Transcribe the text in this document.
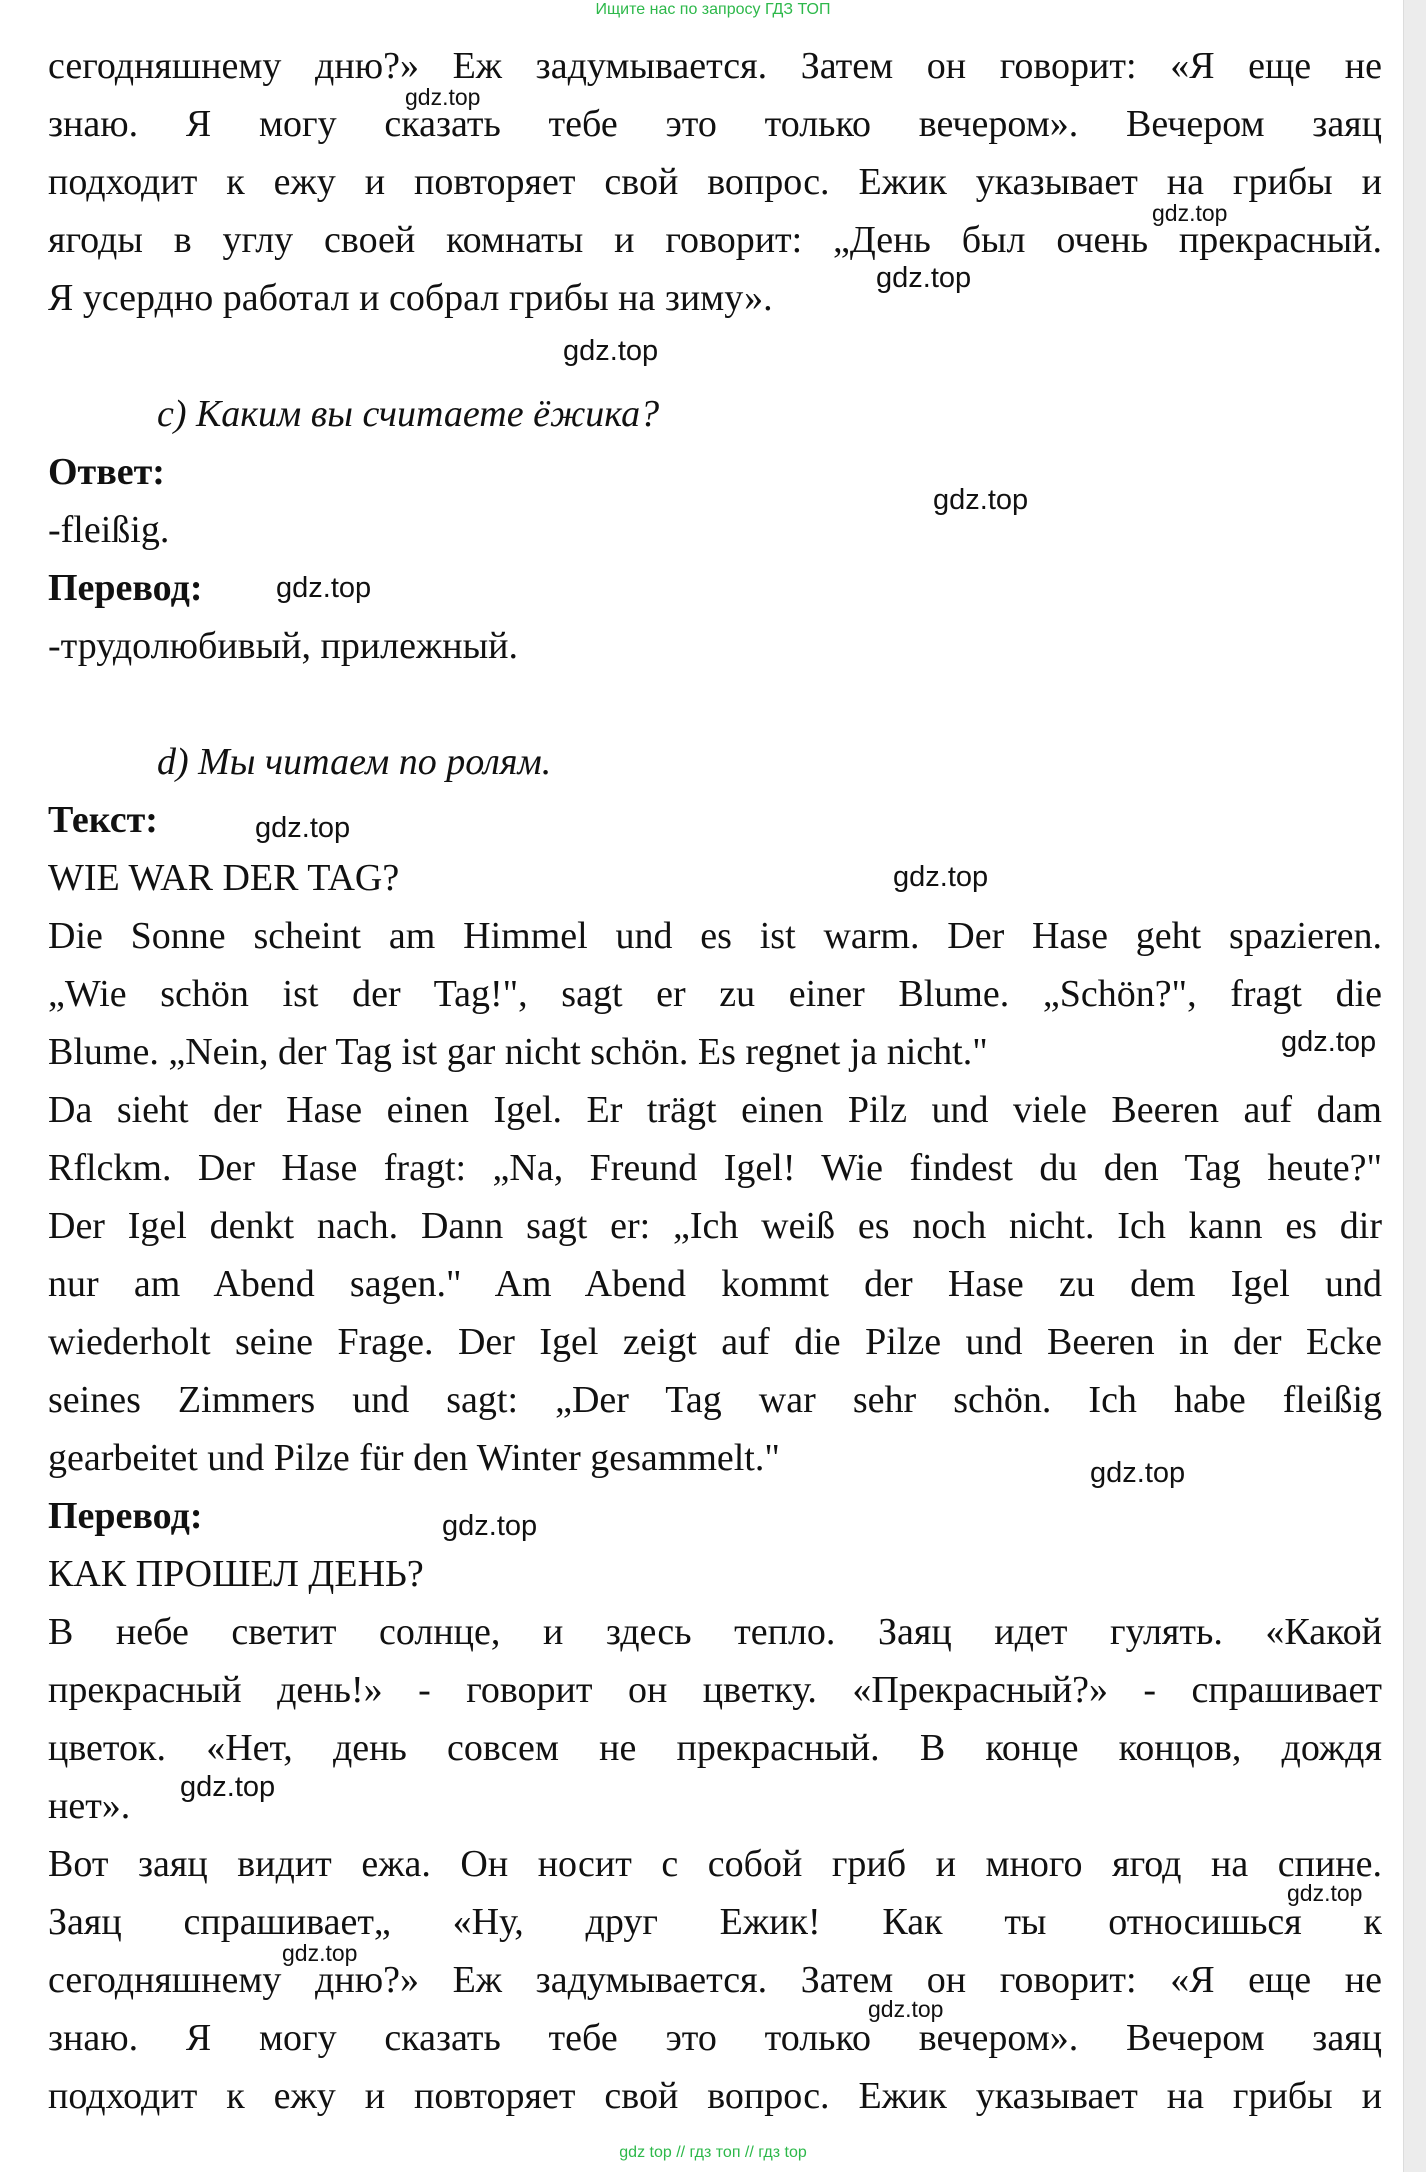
Ищите нас по запросу ГДЗ ТОП
сегодняшнему дню?» Еж задумывается. Затем он говорит: «Я еще не
знаю. Я могу сказать тебе это только вечером». Вечером заяц
подходит к ежу и повторяет свой вопрос. Ежик указывает на грибы и
ягоды в углу своей комнаты и говорит: „День был очень прекрасный.
Я усердно работал и собрал грибы на зиму».
с) Каким вы считаете ёжика?
Ответ:
-fleißig.
Перевод:
-трудолюбивый, прилежный.
d) Мы читаем по ролям.
Текст:
WIE WAR DER TAG?
Die Sonne scheint am Himmel und es ist warm. Der Hase geht spazieren.
„Wie schön ist der Tag!", sagt er zu einer Blume. „Schön?", fragt die
Blume. „Nein, der Tag ist gar nicht schön. Es regnet ja nicht."
Da sieht der Hase einen Igel. Er trägt einen Pilz und viele Beeren auf dam
Rflckm. Der Hase fragt: „Na, Freund Igel! Wie findest du den Tag heute?"
Der Igel denkt nach. Dann sagt er: „Ich weiß es noch nicht. Ich kann es dir
nur am Abend sagen." Am Abend kommt der Hase zu dem Igel und
wiederholt seine Frage. Der Igel zeigt auf die Pilze und Beeren in der Ecke
seines Zimmers und sagt: „Der Tag war sehr schön. Ich habe fleißig
gearbeitet und Pilze für den Winter gesammelt."
Перевод:
КАК ПРОШЕЛ ДЕНЬ?
В небе светит солнце, и здесь тепло. Заяц идет гулять. «Какой
прекрасный день!» - говорит он цветку. «Прекрасный?» - спрашивает
цветок. «Нет, день совсем не прекрасный. В конце концов, дождя
нет».
Вот заяц видит ежа. Он носит с собой гриб и много ягод на спине.
Заяц спрашивает„ «Ну, друг Ежик! Как ты относишься к
сегодняшнему дню?» Еж задумывается. Затем он говорит: «Я еще не
знаю. Я могу сказать тебе это только вечером». Вечером заяц
подходит к ежу и повторяет свой вопрос. Ежик указывает на грибы и
gdz.top
gdz.top
gdz.top
gdz.top
gdz.top
gdz.top
gdz.top
gdz.top
gdz.top
gdz.top
gdz.top
gdz.top
gdz.top
gdz.top
gdz.top
gdz top // гдз топ // гдз top
